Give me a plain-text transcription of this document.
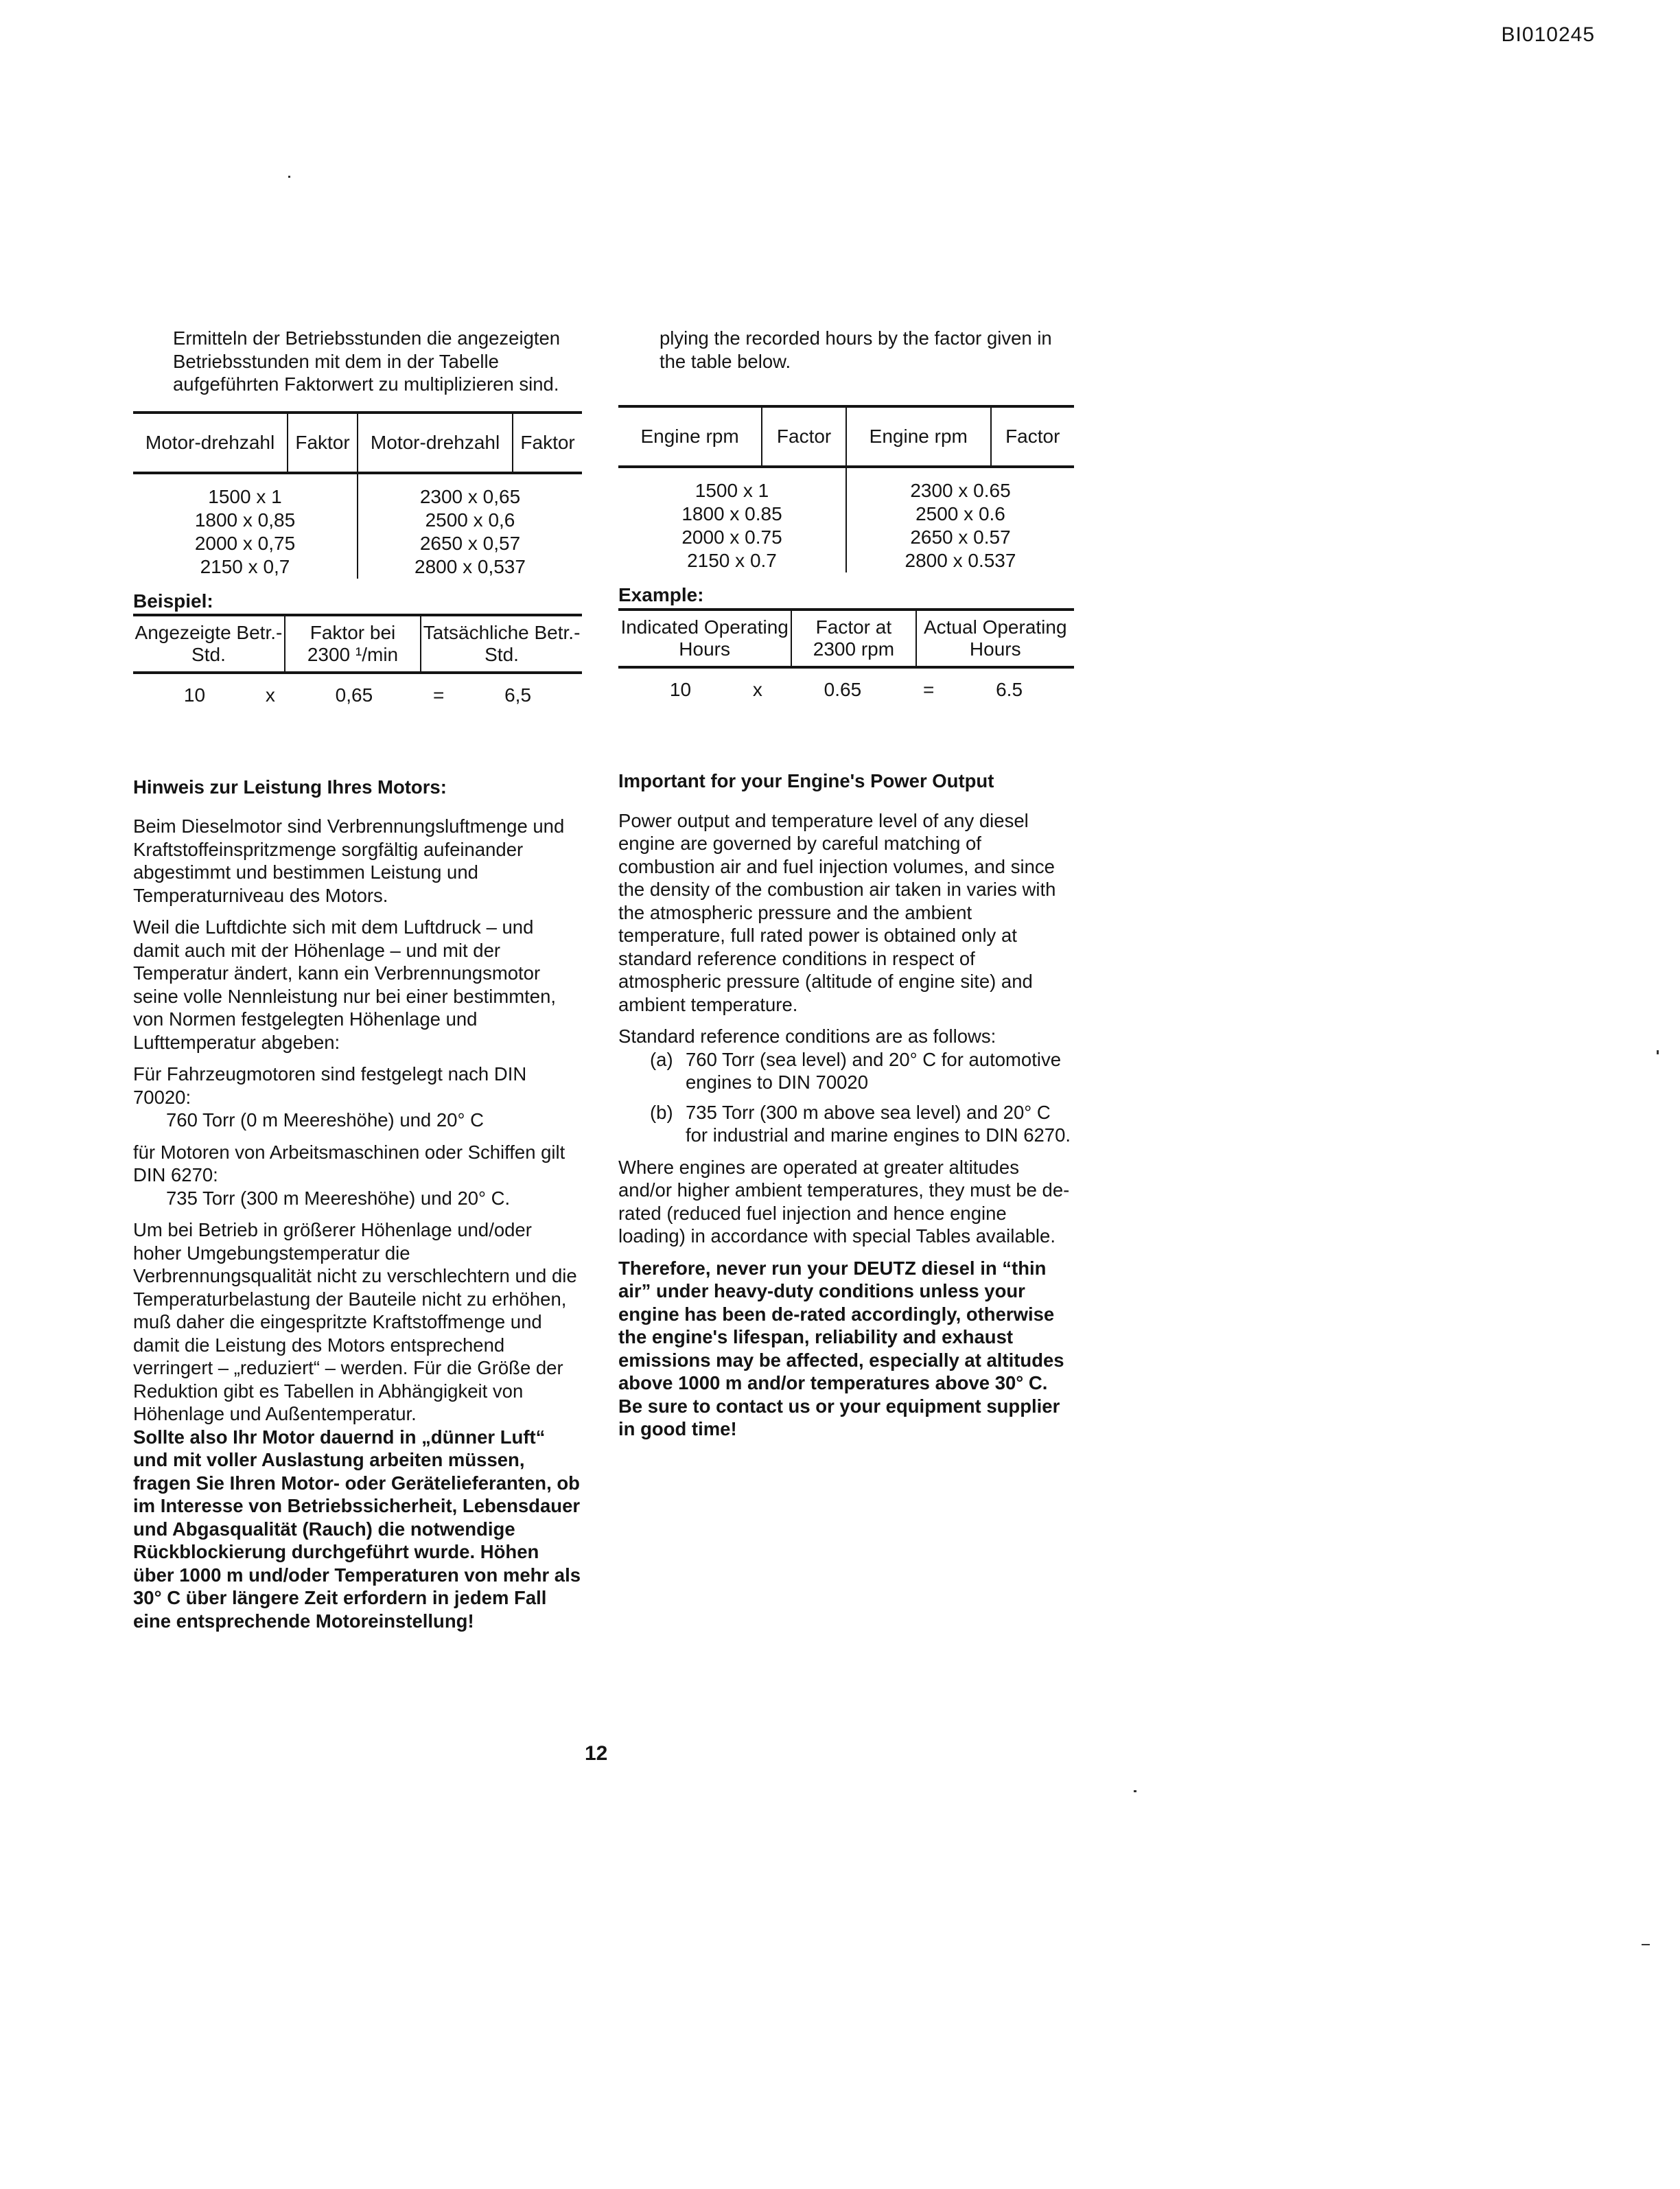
BI010245

Ermitteln der Betriebsstunden die angezeigten Betriebsstunden mit dem in der Tabelle aufgeführten Faktorwert zu multiplizieren sind.

Motor-drehzahl	Faktor	Motor-drehzahl	Faktor
1500 x 1		2300 x 0,65	
1800 x 0,85		2500 x 0,6	
2000 x 0,75		2650 x 0,57	
2150 x 0,7		2800 x 0,537	

Beispiel:

Angezeigte Betr.-Std.	Faktor bei 2300 ¹/min	Tatsächliche Betr.-Std.
10	x	0,65	=	6,5

Hinweis zur Leistung Ihres Motors:

Beim Dieselmotor sind Verbrennungsluftmenge und Kraftstoffeinspritzmenge sorgfältig aufeinander abgestimmt und bestimmen Leistung und Temperaturniveau des Motors.

Weil die Luftdichte sich mit dem Luftdruck – und damit auch mit der Höhenlage – und mit der Temperatur ändert, kann ein Verbrennungsmotor seine volle Nennleistung nur bei einer bestimmten, von Normen festgelegten Höhenlage und Lufttemperatur abgeben:

Für Fahrzeugmotoren sind festgelegt nach DIN 70020:

760 Torr (0 m Meereshöhe) und 20° C

für Motoren von Arbeitsmaschinen oder Schiffen gilt DIN 6270:

735 Torr (300 m Meereshöhe) und 20° C.

Um bei Betrieb in größerer Höhenlage und/oder hoher Umgebungstemperatur die Verbrennungsqualität nicht zu verschlechtern und die Temperaturbelastung der Bauteile nicht zu erhöhen, muß daher die eingespritzte Kraftstoffmenge und damit die Leistung des Motors entsprechend verringert – „reduziert“ – werden. Für die Größe der Reduktion gibt es Tabellen in Abhängigkeit von Höhenlage und Außentemperatur.

Sollte also Ihr Motor dauernd in „dünner Luft“ und mit voller Auslastung arbeiten müssen, fragen Sie Ihren Motor- oder Gerätelieferanten, ob im Interesse von Betriebssicherheit, Lebensdauer und Abgasqualität (Rauch) die notwendige Rückblockierung durchgeführt wurde. Höhen über 1000 m und/oder Temperaturen von mehr als 30° C über längere Zeit erfordern in jedem Fall eine entsprechende Motoreinstellung!

plying the recorded hours by the factor given in the table below.

Engine rpm	Factor	Engine rpm	Factor
1500 x 1		2300 x 0.65	
1800 x 0.85		2500 x 0.6	
2000 x 0.75		2650 x 0.57	
2150 x 0.7		2800 x 0.537	

Example:

Indicated Operating Hours	Factor at 2300 rpm	Actual Operating Hours
10	x	0.65	=	6.5

Important for your Engine's Power Output

Power output and temperature level of any diesel engine are governed by careful matching of combustion air and fuel injection volumes, and since the density of the combustion air taken in varies with the atmospheric pressure and the ambient temperature, full rated power is obtained only at standard reference conditions in respect of atmospheric pressure (altitude of engine site) and ambient temperature.

Standard reference conditions are as follows:

(a) 760 Torr (sea level) and 20° C for automotive engines to DIN 70020
(b) 735 Torr (300 m above sea level) and 20° C for industrial and marine engines to DIN 6270.

Where engines are operated at greater altitudes and/or higher ambient temperatures, they must be de-rated (reduced fuel injection and hence engine loading) in accordance with special Tables available.

Therefore, never run your DEUTZ diesel in “thin air” under heavy-duty conditions unless your engine has been de-rated accordingly, otherwise the engine's lifespan, reliability and exhaust emissions may be affected, especially at altitudes above 1000 m and/or temperatures above 30° C. Be sure to contact us or your equipment supplier in good time!

12
